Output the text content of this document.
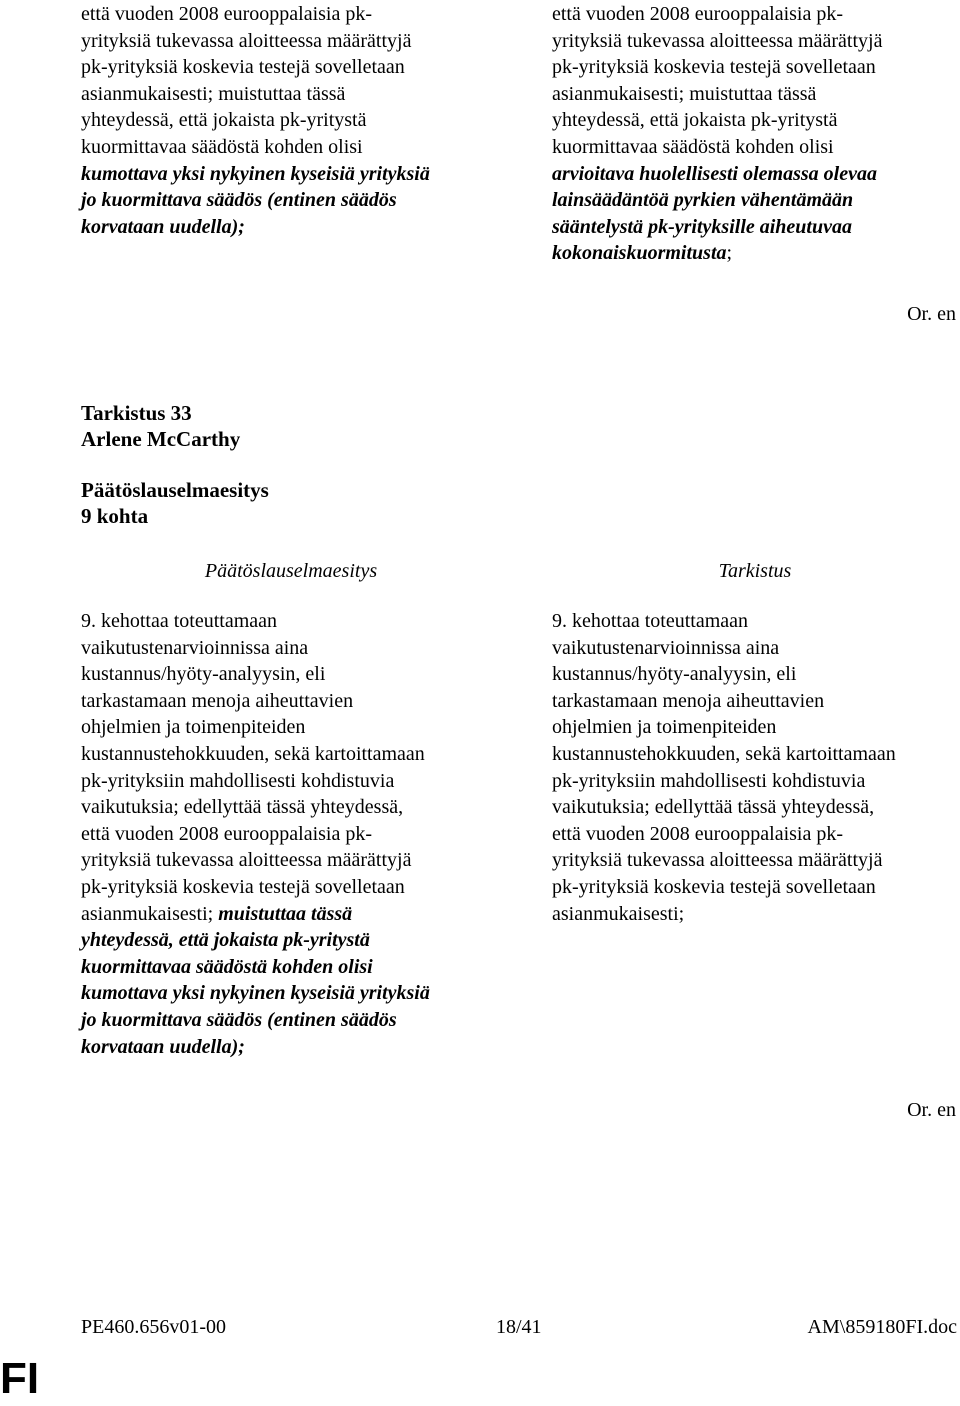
että vuoden 2008 eurooppalaisia pk-

yrityksiä tukevassa aloitteessa määrättyjä

pk-yrityksiä koskevia testejä sovelletaan

asianmukaisesti; muistuttaa tässä

yhteydessä, että jokaista pk-yritystä

kuormittavaa säädöstä kohden olisi

kumottava yksi nykyinen kyseisiä yrityksiä

jo kuormittava säädös (entinen säädös

korvataan uudella);

että vuoden 2008 eurooppalaisia pk-

yrityksiä tukevassa aloitteessa määrättyjä

pk-yrityksiä koskevia testejä sovelletaan

asianmukaisesti; muistuttaa tässä

yhteydessä, että jokaista pk-yritystä

kuormittavaa säädöstä kohden olisi

arvioitava huolellisesti olemassa olevaa

lainsäädäntöä pyrkien vähentämään

sääntelystä pk-yrityksille aiheutuvaa

kokonaiskuormitusta;

Or. en
Tarkistus 33
Arlene McCarthy
Päätöslauselmaesitys
9 kohta
Päätöslauselmaesitys	Tarkistus

9. kehottaa toteuttamaan

vaikutustenarvioinnissa aina

kustannus/hyöty-analyysin, eli

tarkastamaan menoja aiheuttavien

ohjelmien ja toimenpiteiden

kustannustehokkuuden, sekä kartoittamaan

pk-yrityksiin mahdollisesti kohdistuvia

vaikutuksia; edellyttää tässä yhteydessä,

että vuoden 2008 eurooppalaisia pk-

yrityksiä tukevassa aloitteessa määrättyjä

pk-yrityksiä koskevia testejä sovelletaan

asianmukaisesti; muistuttaa tässä

yhteydessä, että jokaista pk-yritystä

kuormittavaa säädöstä kohden olisi

kumottava yksi nykyinen kyseisiä yrityksiä

jo kuormittava säädös (entinen säädös

korvataan uudella);

9. kehottaa toteuttamaan

vaikutustenarvioinnissa aina

kustannus/hyöty-analyysin, eli

tarkastamaan menoja aiheuttavien

ohjelmien ja toimenpiteiden

kustannustehokkuuden, sekä kartoittamaan

pk-yrityksiin mahdollisesti kohdistuvia

vaikutuksia; edellyttää tässä yhteydessä,

että vuoden 2008 eurooppalaisia pk-

yrityksiä tukevassa aloitteessa määrättyjä

pk-yrityksiä koskevia testejä sovelletaan

asianmukaisesti;

Or. en
PE460.656v01-00	18/41	AM\859180FI.doc
FI
